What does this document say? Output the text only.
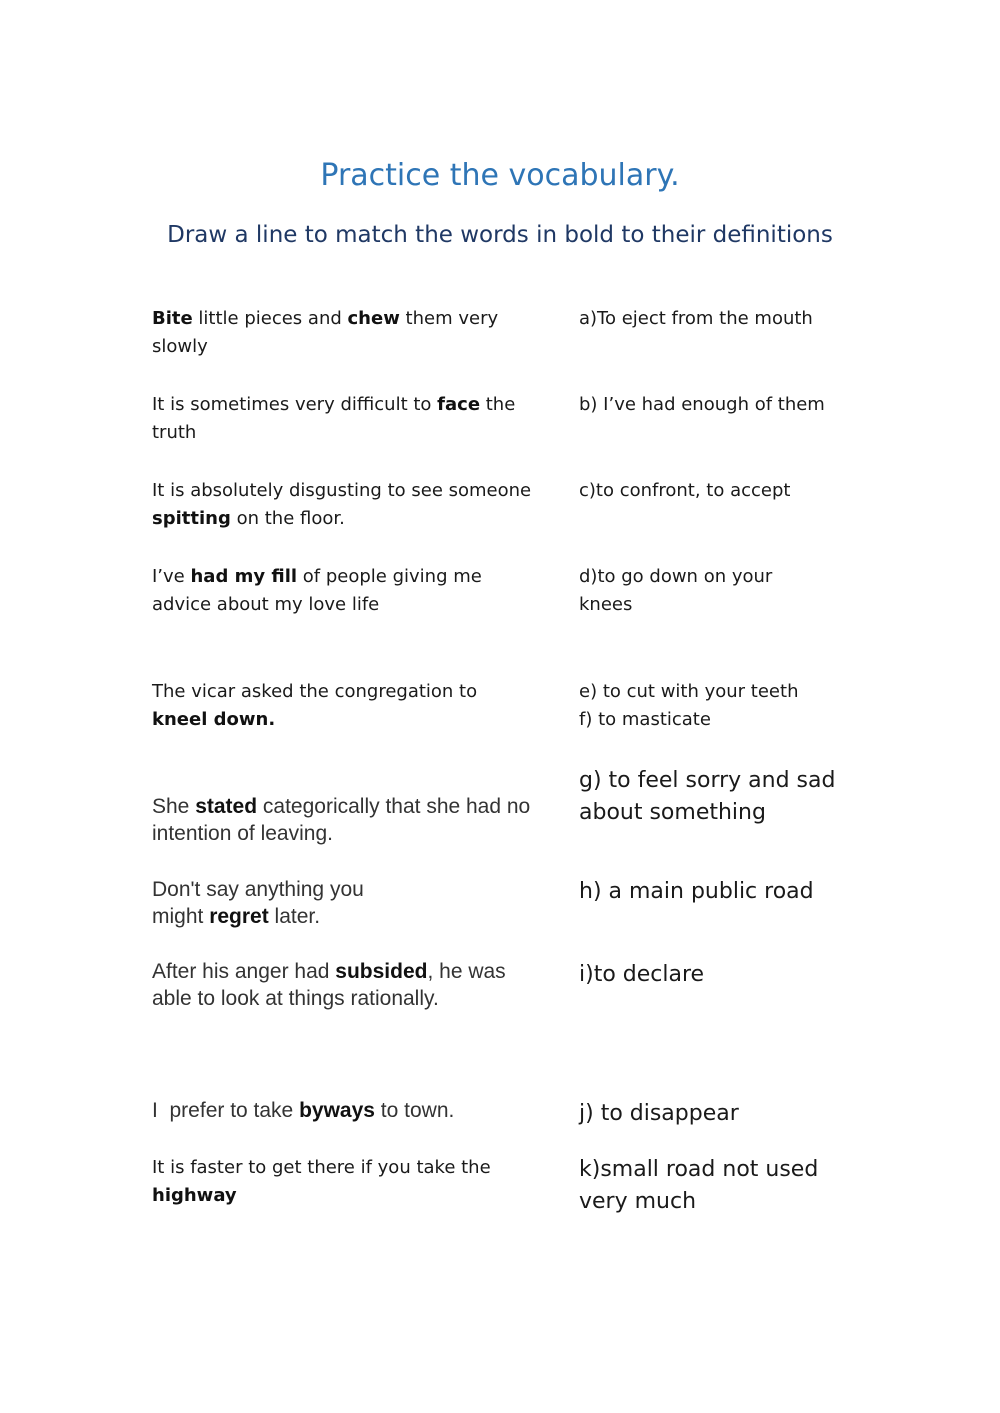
Practice the vocabulary.
Draw a line to match the words in bold to their definitions

Bite little pieces and chew them very slowly

It is sometimes very difficult to face the truth

It is absolutely disgusting to see someone spitting on the floor.

I’ve had my fill of people giving me advice about my love life

The vicar asked the congregation to kneel down.

She stated categorically that she had no intention of leaving.

Don't say anything you might regret later.

After his anger had subsided, he was able to look at things rationally.

I  prefer to take byways to town.

It is faster to get there if you take the highway

a)To eject from the mouth

b) I’ve had enough of them

c)to confront, to accept

d)to go down on your knees

e) to cut with your teeth

f) to masticate

g) to feel sorry and sad about something

h) a main public road

i)to declare

j) to disappear

k)small road not used very much
